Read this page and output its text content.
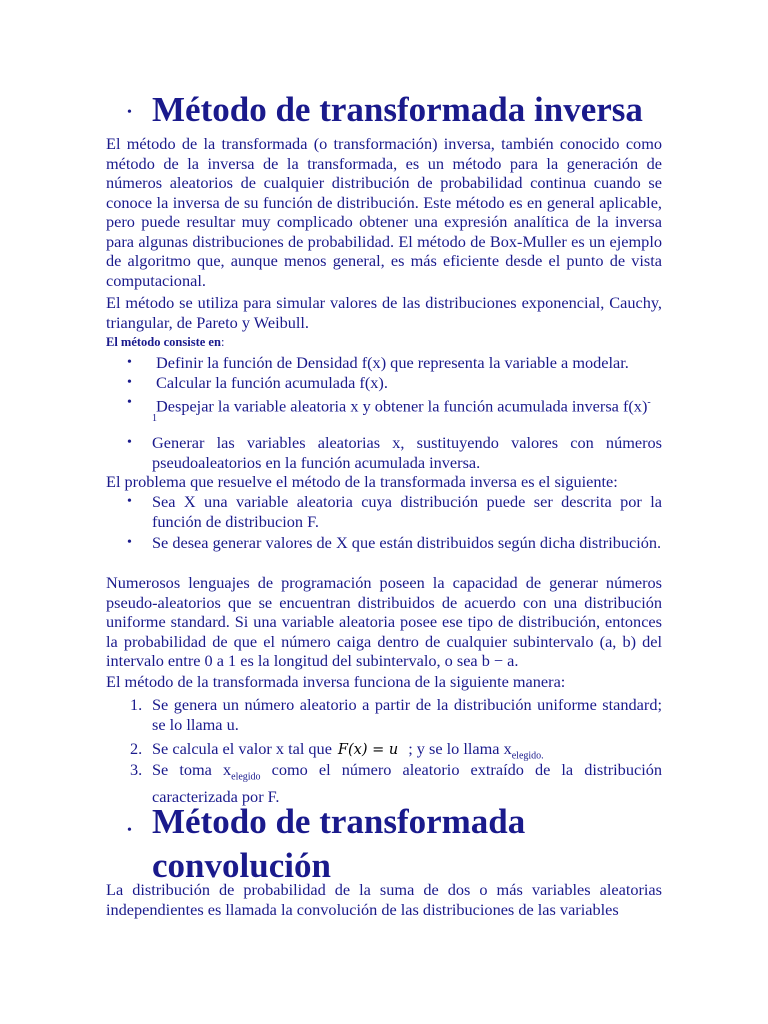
• Método de transformada inversa

El método de la transformada (o transformación) inversa, también conocido como método de la inversa de la transformada, es un método para la generación de números aleatorios de cualquier distribución de probabilidad continua cuando se conoce la inversa de su función de distribución. Este método es en general aplicable, pero puede resultar muy complicado obtener una expresión analítica de la inversa para algunas distribuciones de probabilidad. El método de Box-Muller es un ejemplo de algoritmo que, aunque menos general, es más eficiente desde el punto de vista computacional.

El método se utiliza para simular valores de las distribuciones exponencial, Cauchy, triangular, de Pareto y Weibull.

El método consiste en:
• Definir la función de Densidad f(x) que representa la variable a modelar.

• Calcular la función acumulada f(x).

• Despejar la variable aleatoria x y obtener la función acumulada inversa f(x)-

1
• Generar las variables aleatorias x, sustituyendo valores con números pseudoaleatorios en la función acumulada inversa.

El problema que resuelve el método de la transformada inversa es el siguiente:

• Sea X una variable aleatoria cuya distribución puede ser descrita por la función de distribucion F.

• Se desea generar valores de X que están distribuidos según dicha distribución.

Numerosos lenguajes de programación poseen la capacidad de generar números pseudo-aleatorios que se encuentran distribuidos de acuerdo con una distribución uniforme standard. Si una variable aleatoria posee ese tipo de distribución, entonces la probabilidad de que el número caiga dentro de cualquier subintervalo (a, b) del intervalo entre 0 a 1 es la longitud del subintervalo, o sea b − a.

El método de la transformada inversa funciona de la siguiente manera:

1. Se genera un número aleatorio a partir de la distribución uniforme standard; se lo llama u.

2. Se calcula el valor x tal que F(x) = u ; y se lo llama $x_{elegido.}$

3. Se toma $x_{elegido}$ como el número aleatorio extraído de la distribución caracterizada por F.

• Método de transformada
convolución

La distribución de probabilidad de la suma de dos o más variables aleatorias independientes es llamada la convolución de las distribuciones de las variables
